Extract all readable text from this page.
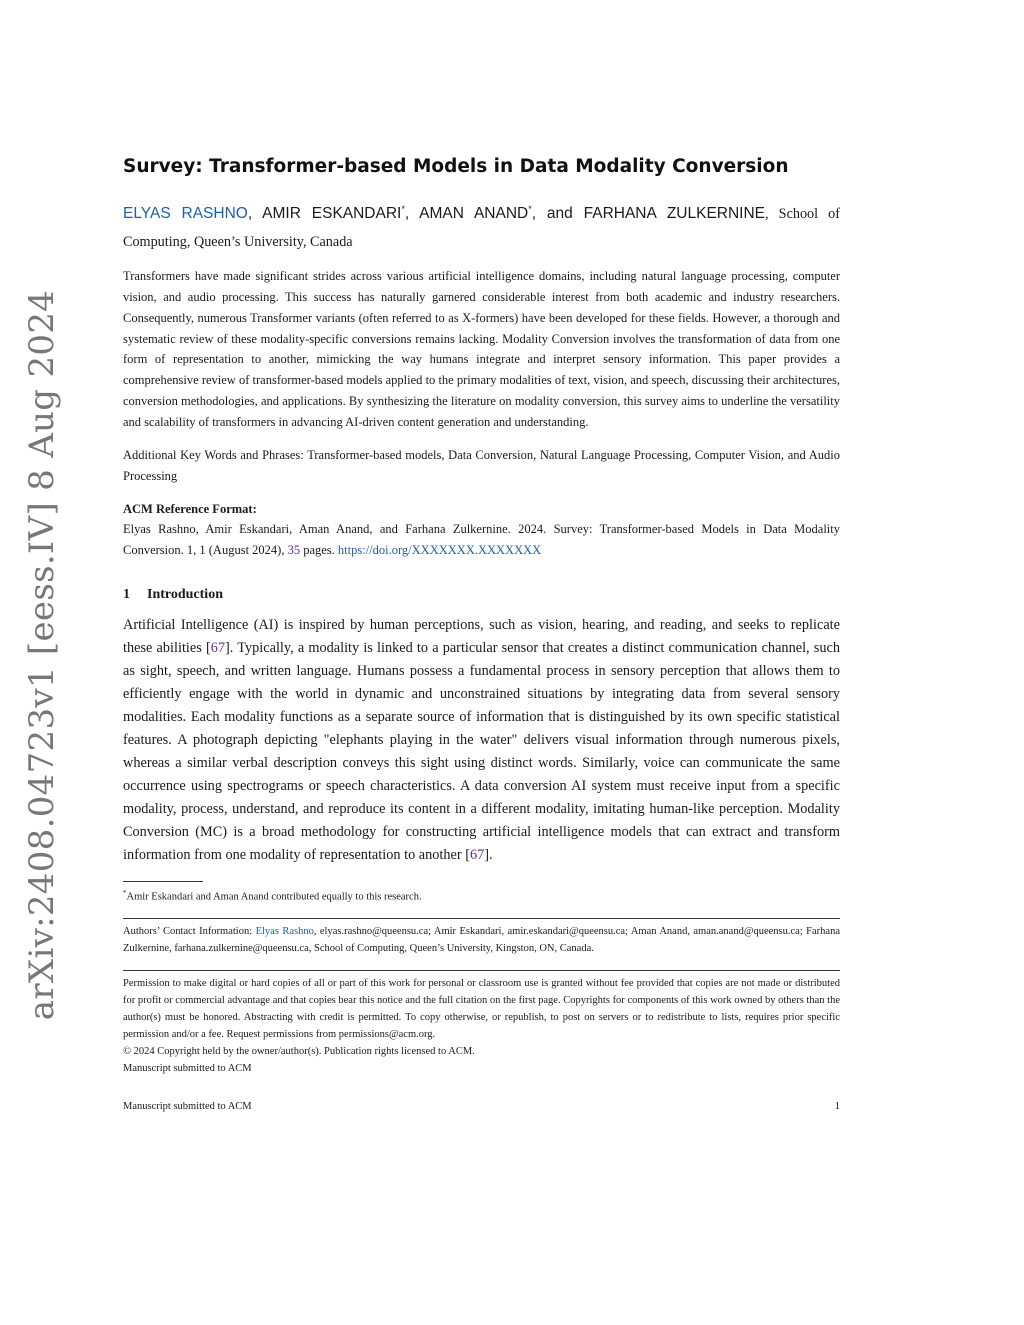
arXiv:2408.04723v1 [eess.IV] 8 Aug 2024
Survey: Transformer-based Models in Data Modality Conversion
ELYAS RASHNO, AMIR ESKANDARI*, AMAN ANAND*, and FARHANA ZULKERNINE, School of Computing, Queen’s University, Canada

Transformers have made significant strides across various artificial intelligence domains, including natural language processing, computer vision, and audio processing. This success has naturally garnered considerable interest from both academic and industry researchers. Consequently, numerous Transformer variants (often referred to as X-formers) have been developed for these fields. However, a thorough and systematic review of these modality-specific conversions remains lacking. Modality Conversion involves the transformation of data from one form of representation to another, mimicking the way humans integrate and interpret sensory information. This paper provides a comprehensive review of transformer-based models applied to the primary modalities of text, vision, and speech, discussing their architectures, conversion methodologies, and applications. By synthesizing the literature on modality conversion, this survey aims to underline the versatility and scalability of transformers in advancing AI-driven content generation and understanding.

Additional Key Words and Phrases: Transformer-based models, Data Conversion, Natural Language Processing, Computer Vision, and Audio Processing

ACM Reference Format:
Elyas Rashno, Amir Eskandari, Aman Anand, and Farhana Zulkernine. 2024. Survey: Transformer-based Models in Data Modality Conversion. 1, 1 (August 2024), 35 pages. https://doi.org/XXXXXXX.XXXXXXX
1 Introduction

Artificial Intelligence (AI) is inspired by human perceptions, such as vision, hearing, and reading, and seeks to replicate these abilities [67]. Typically, a modality is linked to a particular sensor that creates a distinct communication channel, such as sight, speech, and written language. Humans possess a fundamental process in sensory perception that allows them to efficiently engage with the world in dynamic and unconstrained situations by integrating data from several sensory modalities. Each modality functions as a separate source of information that is distinguished by its own specific statistical features. A photograph depicting "elephants playing in the water" delivers visual information through numerous pixels, whereas a similar verbal description conveys this sight using distinct words. Similarly, voice can communicate the same occurrence using spectrograms or speech characteristics. A data conversion AI system must receive input from a specific modality, process, understand, and reproduce its content in a different modality, imitating human-like perception. Modality Conversion (MC) is a broad methodology for constructing artificial intelligence models that can extract and transform information from one modality of representation to another [67].

*Amir Eskandari and Aman Anand contributed equally to this research.
Authors’ Contact Information: Elyas Rashno, elyas.rashno@queensu.ca; Amir Eskandari, amir.eskandari@queensu.ca; Aman Anand, aman.anand@queensu.ca; Farhana Zulkernine, farhana.zulkernine@queensu.ca, School of Computing, Queen’s University, Kingston, ON, Canada.
Permission to make digital or hard copies of all or part of this work for personal or classroom use is granted without fee provided that copies are not made or distributed for profit or commercial advantage and that copies bear this notice and the full citation on the first page. Copyrights for components of this work owned by others than the author(s) must be honored. Abstracting with credit is permitted. To copy otherwise, or republish, to post on servers or to redistribute to lists, requires prior specific permission and/or a fee. Request permissions from permissions@acm.org.
© 2024 Copyright held by the owner/author(s). Publication rights licensed to ACM.
Manuscript submitted to ACM
Manuscript submitted to ACM	1
